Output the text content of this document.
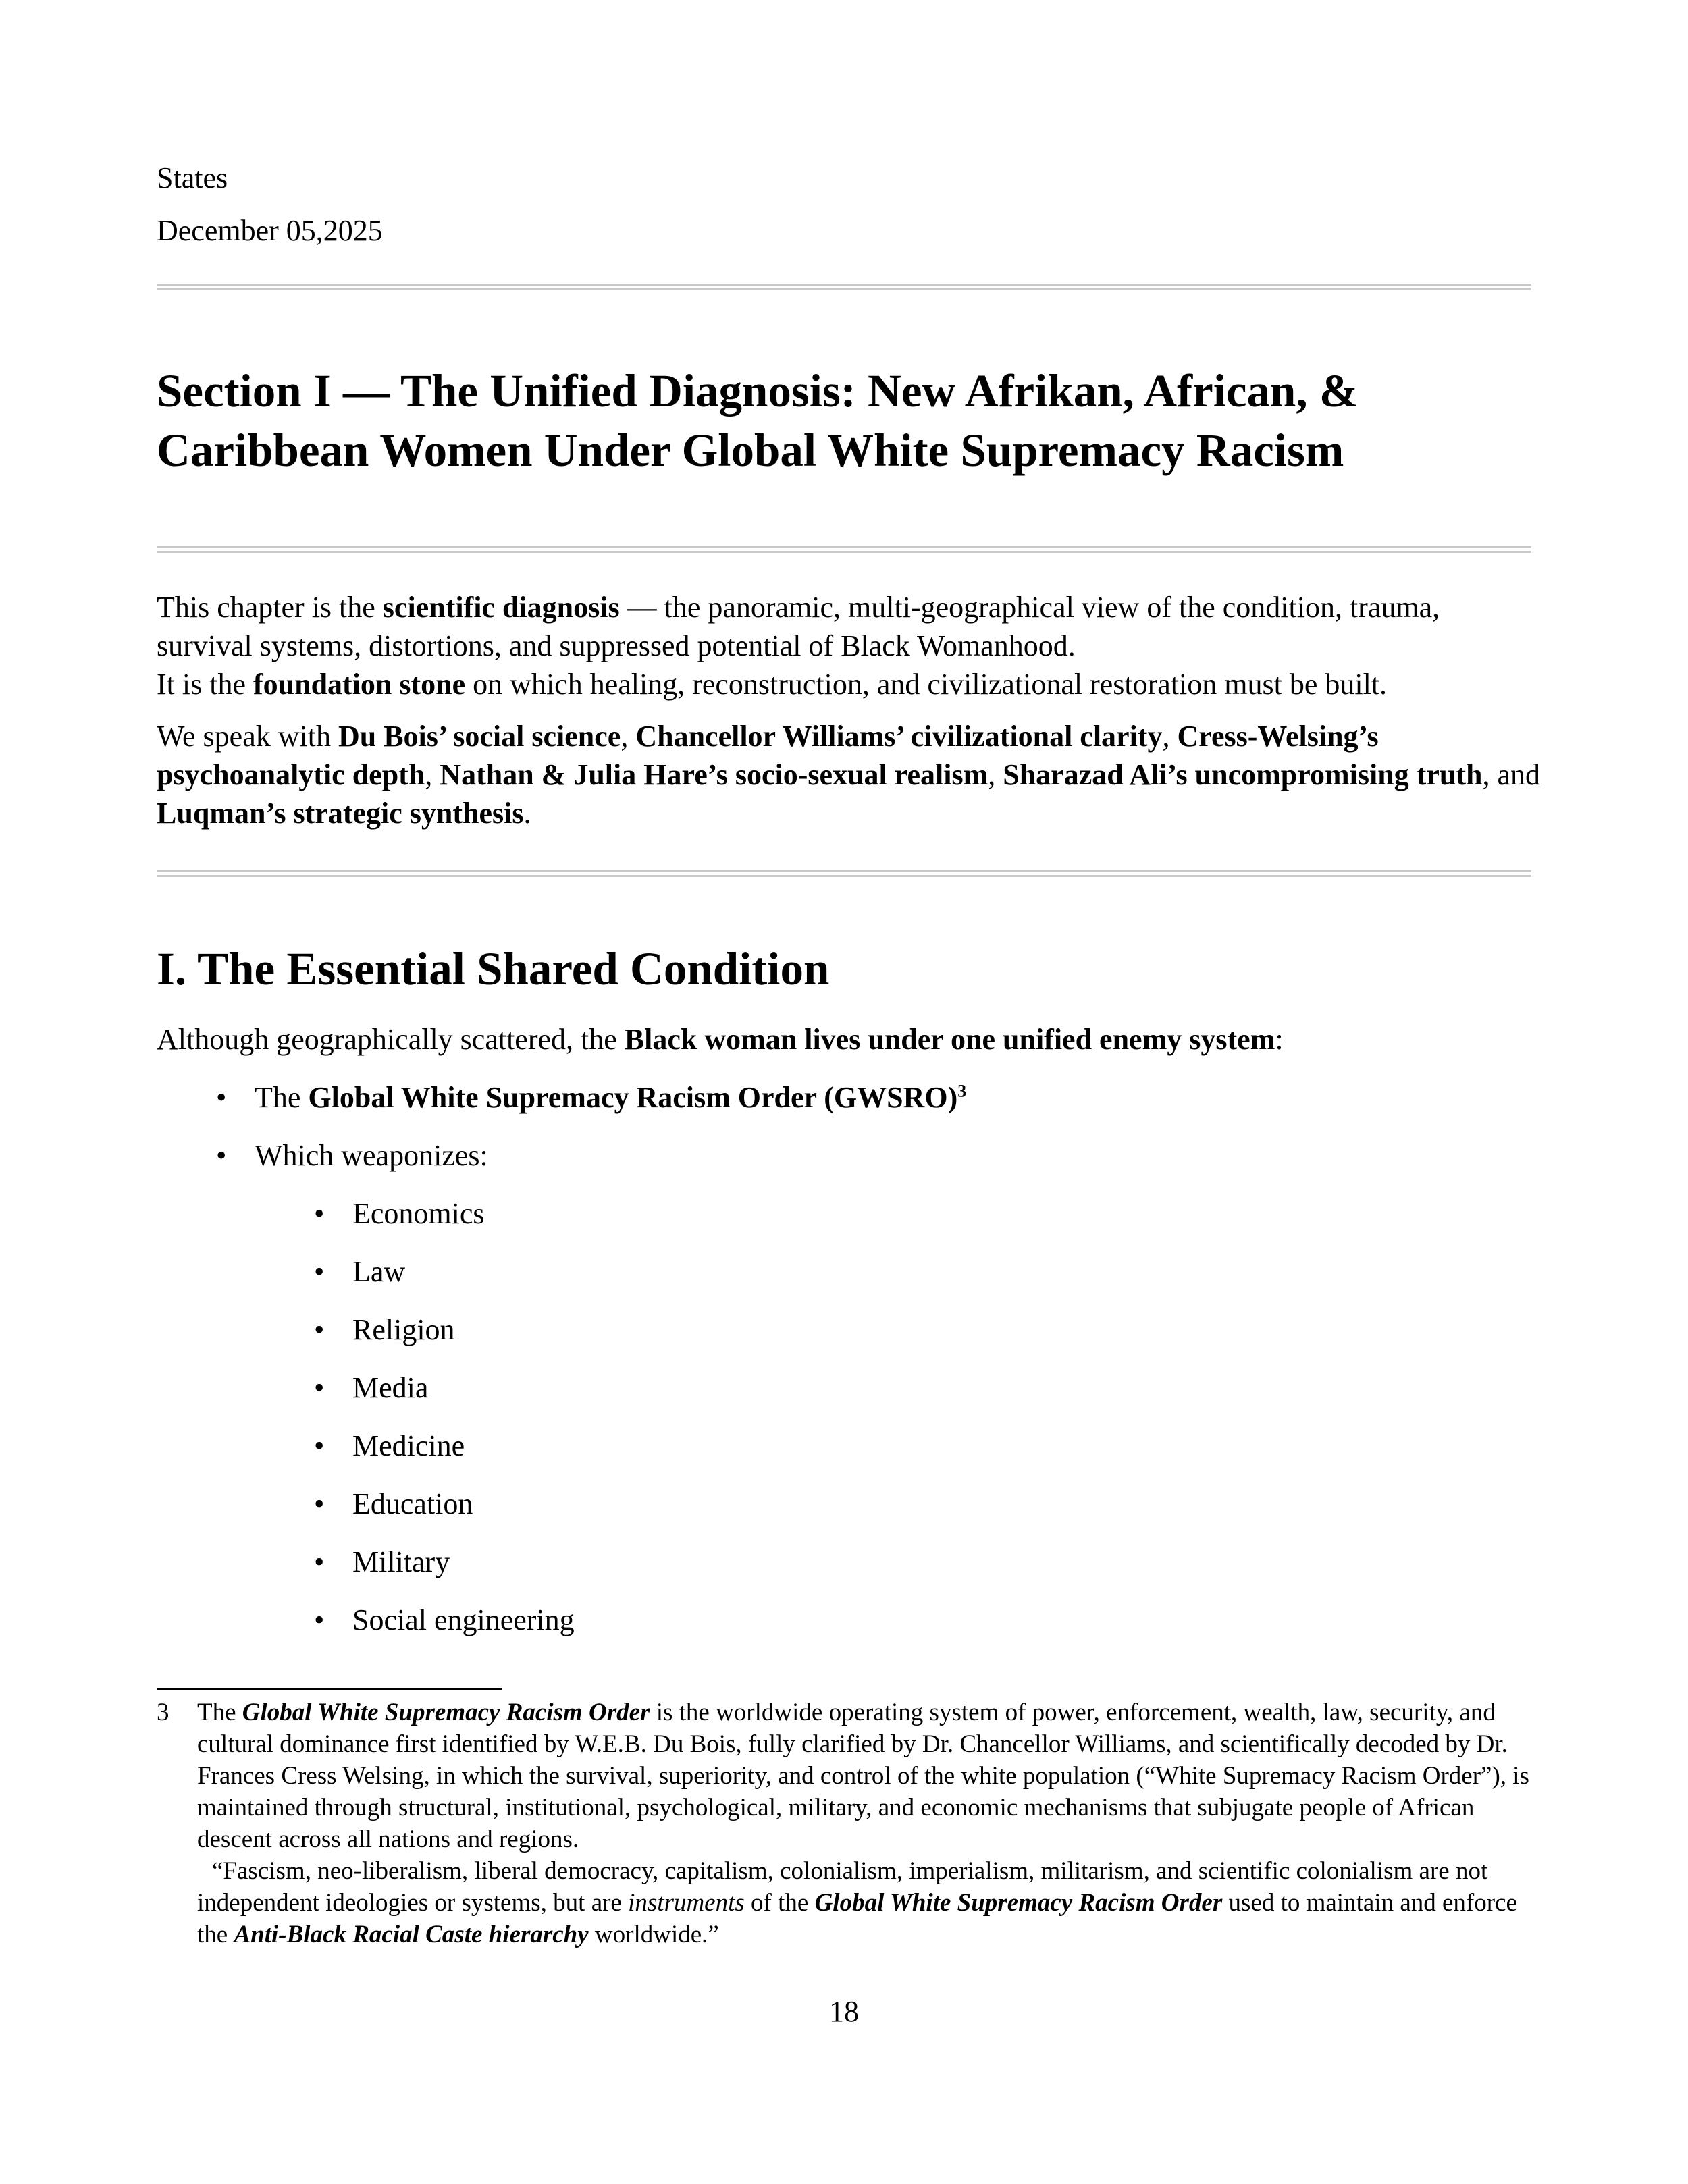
States
December 05,2025
Section I — The Unified Diagnosis: New Afrikan, African, &
Caribbean Women Under Global White Supremacy Racism

This chapter is the scientific diagnosis — the panoramic, multi-geographical view of the condition, trauma, survival systems, distortions, and suppressed potential of Black Womanhood.
It is the foundation stone on which healing, reconstruction, and civilizational restoration must be built.

We speak with Du Bois’ social science, Chancellor Williams’ civilizational clarity, Cress-Welsing’s psychoanalytic depth, Nathan & Julia Hare’s socio-sexual realism, Sharazad Ali’s uncompromising truth, and Luqman’s strategic synthesis.

I. The Essential Shared Condition
Although geographically scattered, the Black woman lives under one unified enemy system:
• The Global White Supremacy Racism Order (GWSRO)$^3$
• Which weaponizes:
• Economics
• Law
• Religion
• Media
• Medicine
• Education
• Military
• Social engineering
3 The Global White Supremacy Racism Order is the worldwide operating system of power, enforcement, wealth, law, security, and cultural dominance first identified by W.E.B. Du Bois, fully clarified by Dr. Chancellor Williams, and scientifically decoded by Dr. Frances Cress Welsing, in which the survival, superiority, and control of the white population (“White Supremacy Racism Order”), is maintained through structural, institutional, psychological, military, and economic mechanisms that subjugate people of African descent across all nations and regions.

“Fascism, neo-liberalism, liberal democracy, capitalism, colonialism, imperialism, militarism, and scientific colonialism are not independent ideologies or systems, but are instruments of the Global White Supremacy Racism Order used to maintain and enforce the Anti-Black Racial Caste hierarchy worldwide.”

18
